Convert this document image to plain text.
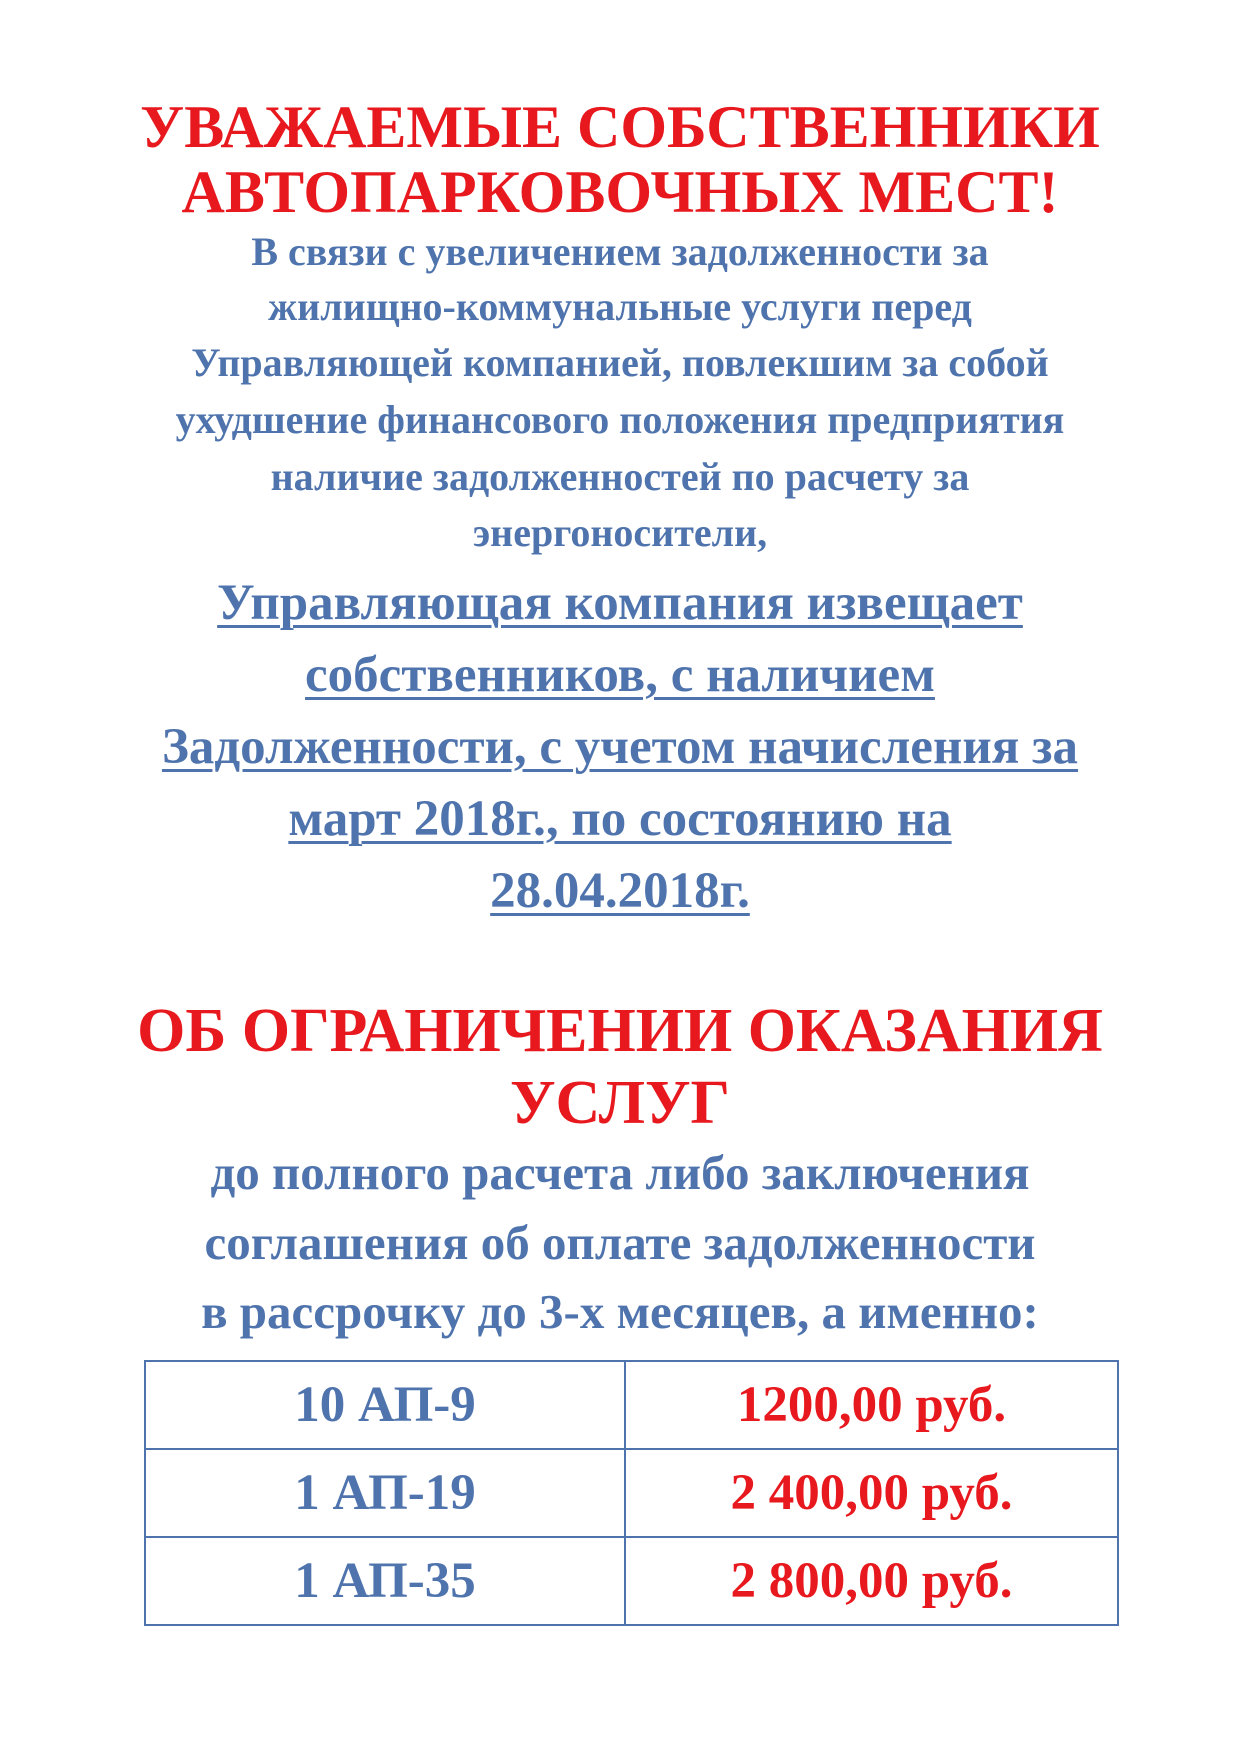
УВАЖАЕМЫЕ СОБСТВЕННИКИ
АВТОПАРКОВОЧНЫХ МЕСТ!
В связи с увеличением задолженности за
жилищно-коммунальные услуги перед
Управляющей компанией, повлекшим за собой
ухудшение финансового положения предприятия
наличие задолженностей по расчету за
энергоносители,
Управляющая компания извещает
собственников, с наличием
Задолженности, с учетом начисления за
март 2018г., по состоянию на
28.04.2018г.
ОБ ОГРАНИЧЕНИИ ОКАЗАНИЯ
УСЛУГ
до полного расчета либо заключения
соглашения об оплате задолженности
в рассрочку до 3-х месяцев, а именно:
10 АП-9	1200,00 руб.
1 АП-19	2 400,00 руб.
1 АП-35	2 800,00 руб.
